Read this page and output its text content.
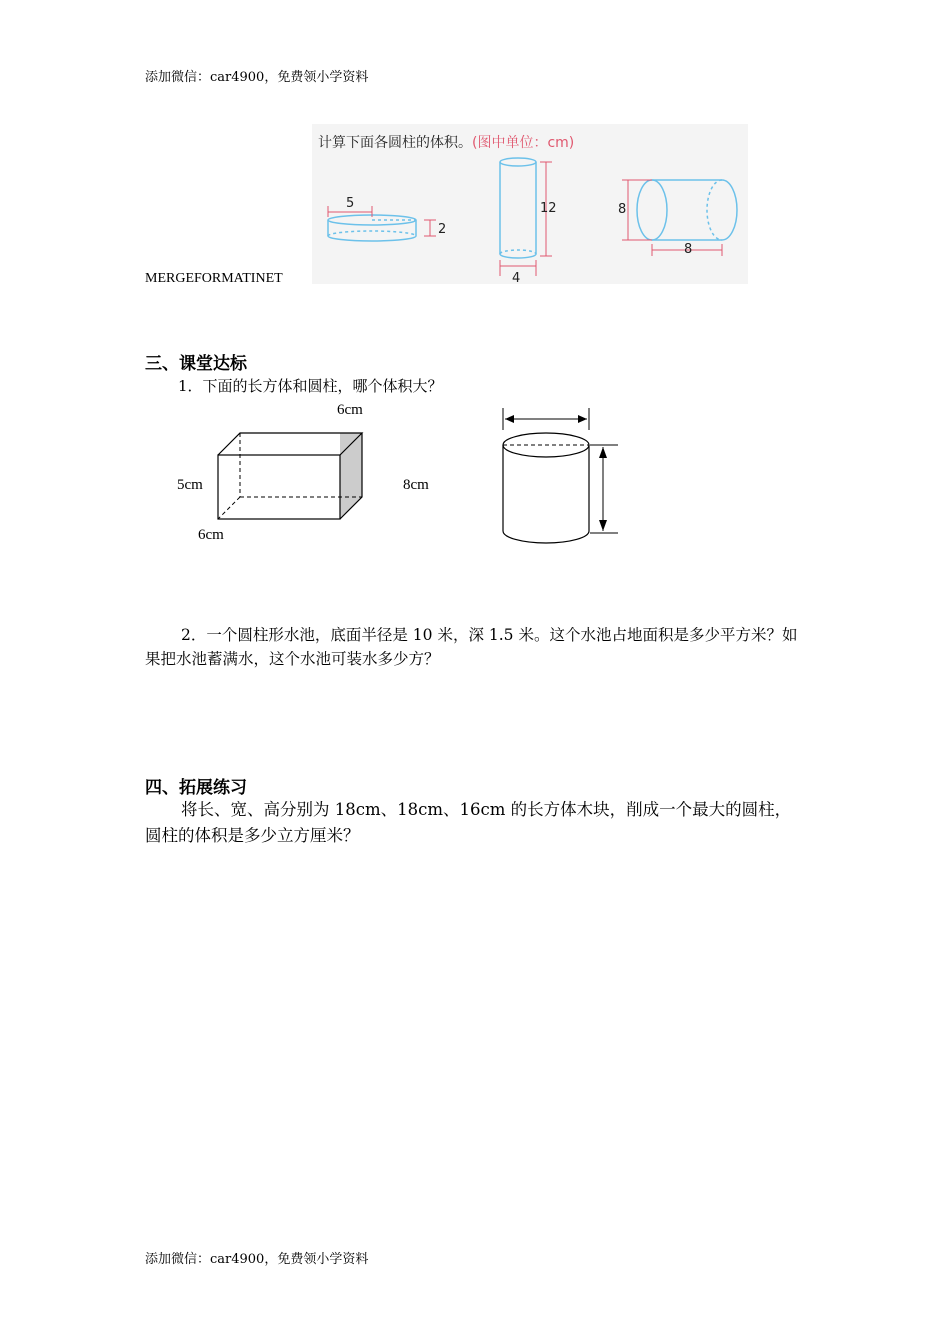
添加微信：car4900，免费领小学资料
计算下面各圆柱的体积。(图中单位：cm)
5
2
12
4
8
8
MERGEFORMATINET
三、课堂达标
1．下面的长方体和圆柱，哪个体积大？
6cm
5cm
6cm
8cm
2．一个圆柱形水池，底面半径是 10 米，深 1.5 米。这个水池占地面积是多少平方米？如
果把水池蓄满水，这个水池可装水多少方？
四、拓展练习
将长、宽、高分别为 18cm、18cm、16cm 的长方体木块，削成一个最大的圆柱，
圆柱的体积是多少立方厘米？
添加微信：car4900，免费领小学资料
